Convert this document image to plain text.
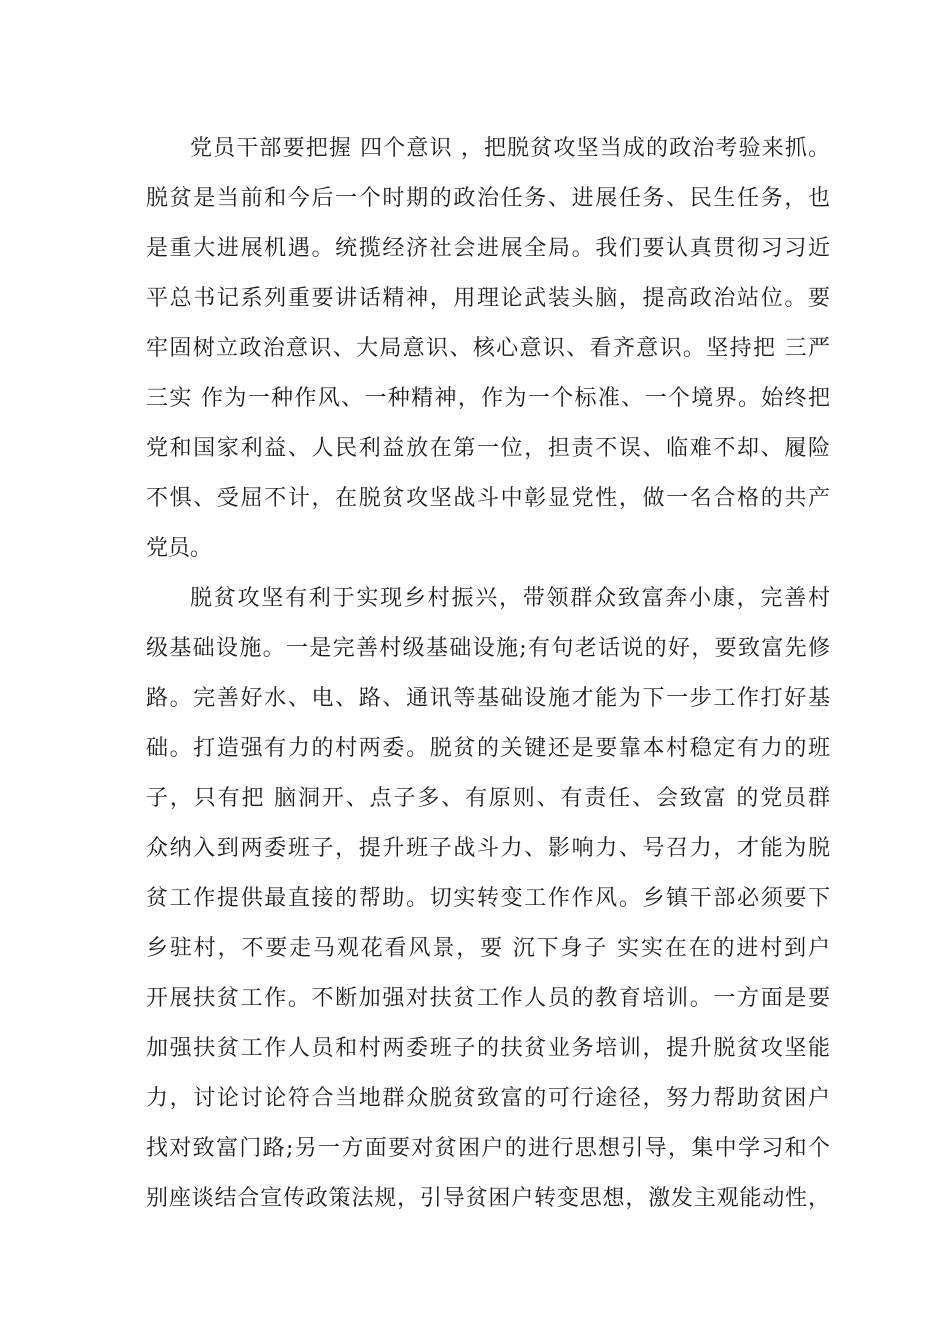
党员干部要把握 四个意识 ，把脱贫攻坚当成的政治考验来抓。
脱贫是当前和今后一个时期的政治任务、进展任务、民生任务，也
是重大进展机遇。统揽经济社会进展全局。我们要认真贯彻习习近
平总书记系列重要讲话精神，用理论武装头脑，提高政治站位。要
牢固树立政治意识、大局意识、核心意识、看齐意识。坚持把 三严
三实 作为一种作风、一种精神，作为一个标准、一个境界。始终把
党和国家利益、人民利益放在第一位，担责不误、临难不却、履险
不惧、受屈不计，在脱贫攻坚战斗中彰显党性，做一名合格的共产
党员。
脱贫攻坚有利于实现乡村振兴，带领群众致富奔小康，完善村
级基础设施。一是完善村级基础设施;有句老话说的好，要致富先修
路。完善好水、电、路、通讯等基础设施才能为下一步工作打好基
础。打造强有力的村两委。脱贫的关键还是要靠本村稳定有力的班
子，只有把 脑洞开、点子多、有原则、有责任、会致富 的党员群
众纳入到两委班子，提升班子战斗力、影响力、号召力，才能为脱
贫工作提供最直接的帮助。切实转变工作作风。乡镇干部必须要下
乡驻村，不要走马观花看风景，要 沉下身子 实实在在的进村到户
开展扶贫工作。不断加强对扶贫工作人员的教育培训。一方面是要
加强扶贫工作人员和村两委班子的扶贫业务培训，提升脱贫攻坚能
力，讨论讨论符合当地群众脱贫致富的可行途径，努力帮助贫困户
找对致富门路;另一方面要对贫困户的进行思想引导，集中学习和个
别座谈结合宣传政策法规，引导贫困户转变思想，激发主观能动性，
